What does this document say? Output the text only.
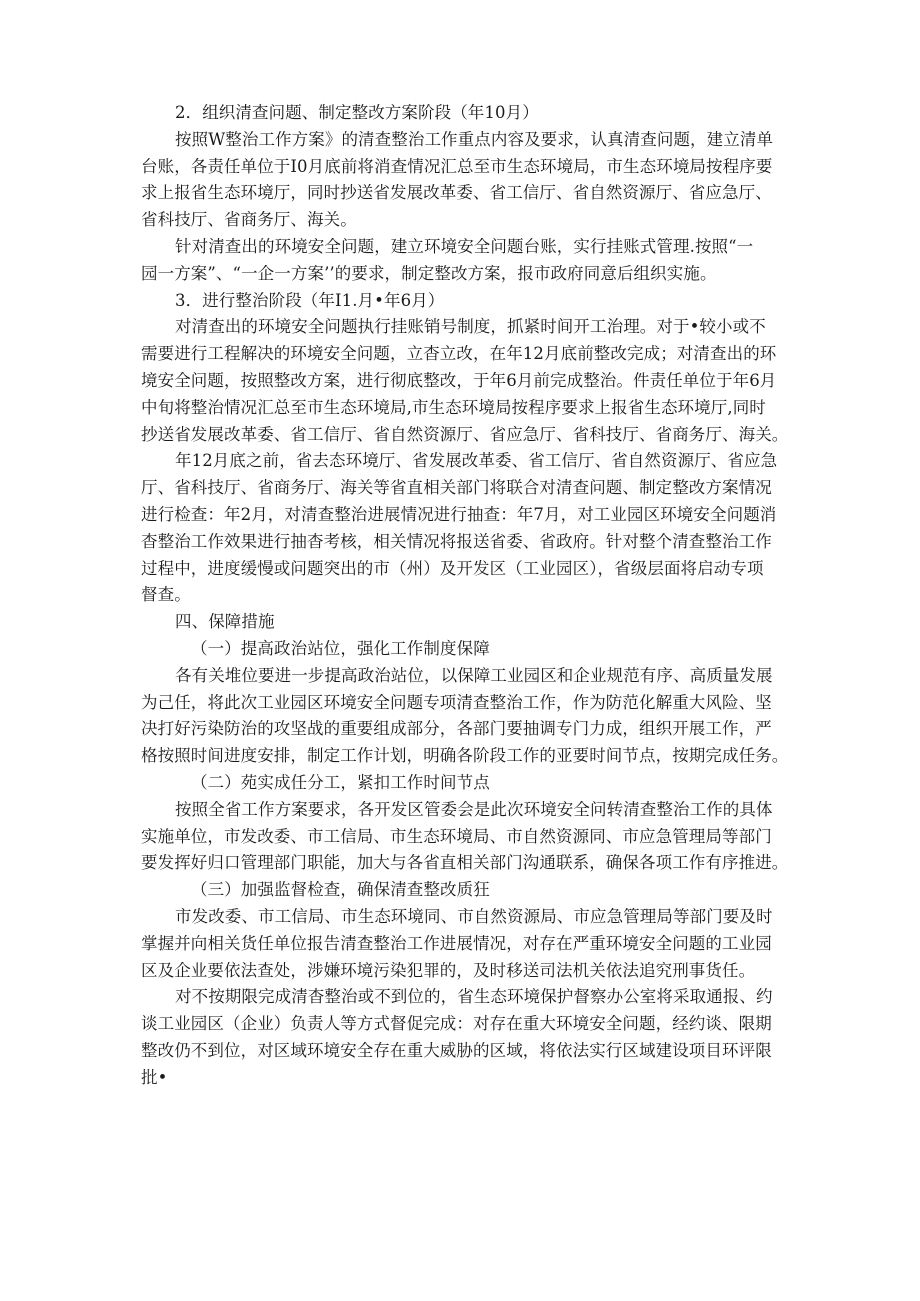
2．组织清查问题、制定整改方案阶段（年10月）
按照W整治工作方案》的清查整治工作重点内容及要求，认真清查问题，建立清单
台账，各责任单位于I0月底前将消查情况汇总至市生态环境局，市生态环境局按程序要
求上报省生态环境厅，同时抄送省发展改革委、省工信厅、省自然资源厅、省应急厅、
省科技厅、省商务厅、海关。
针对清查出的环境安全问题，建立环境安全问题台账，实行挂账式管理.按照“一
园一方案”、“一企一方案’’的要求，制定整改方案，报市政府同意后组织实施。
3．进行整治阶段（年I1.月•年6月）
对清查出的环境安全问题执行挂账销号制度，抓紧时间开工治理。对于•较小或不
需要进行工程解决的环境安全问题，立杳立改，在年12月底前整改完成；对清查出的环
境安全问题，按照整改方案，进行彻底整改，于年6月前完成整治。件责任单位于年6月
中旬将整治情况汇总至市生态环境局,市生态环境局按程序要求上报省生态环境厅,同时
抄送省发展改革委、省工信厅、省自然资源厅、省应急厅、省科技厅、省商务厅、海关。
年12月底之前，省去态环境厅、省发展改革委、省工信厅、省自然资源厅、省应急
厅、省科技厅、省商务厅、海关等省直相关部门将联合对清查问题、制定整改方案情况
进行检查：年2月，对清查整治进展情况进行抽查：年7月，对工业园区环境安全问题消
杳整治工作效果进行抽杳考核，相关情况将报送省委、省政府。针对整个清查整治工作
过程中，进度缓慢或问题突出的市（州）及开发区（工业园区），省级层面将启动专项
督查。
四、保障措施
（一）提高政治站位，强化工作制度保障
各有关堆位要进一步提高政治站位，以保障工业园区和企业规范有序、高质量发展
为己任，将此次工业园区环境安全问题专项清查整治工作，作为防范化解重大风险、坚
决打好污染防治的攻坚战的重要组成部分，各部门要抽调专门力成，组织开展工作，严
格按照时间进度安排，制定工作计划，明确各阶段工作的亚要时间节点，按期完成任务。
（二）苑实成任分工，紧扣工作时间节点
按照全省工作方案要求，各开发区管委会是此次环境安全问转清查整治工作的具体
实施单位，市发改委、市工信局、市生态环境局、市自然资源同、市应急管理局等部门
要发挥好归口管理部门职能，加大与各省直相关部门沟通联系，确保各项工作有序推进。
（三）加强监督检查，确保清查整改质狂
市发改委、市工信局、市生态环境同、市自然资源局、市应急管理局等部门要及时
掌握并向相关货任单位报告清查整治工作进展情况，对存在严重环境安全问题的工业园
区及企业要依法查处，涉嫌环境污染犯罪的，及时移送司法机关依法追究刑事货任。
对不按期限完成清杳整治或不到位的，省生态环境保护督察办公室将采取通报、约
谈工业园区（企业）负责人等方式督促完成：对存在重大环境安全问题，经约谈、限期
整改仍不到位，对区域环境安全存在重大威胁的区域，将依法实行区域建设项目环评限
批•
